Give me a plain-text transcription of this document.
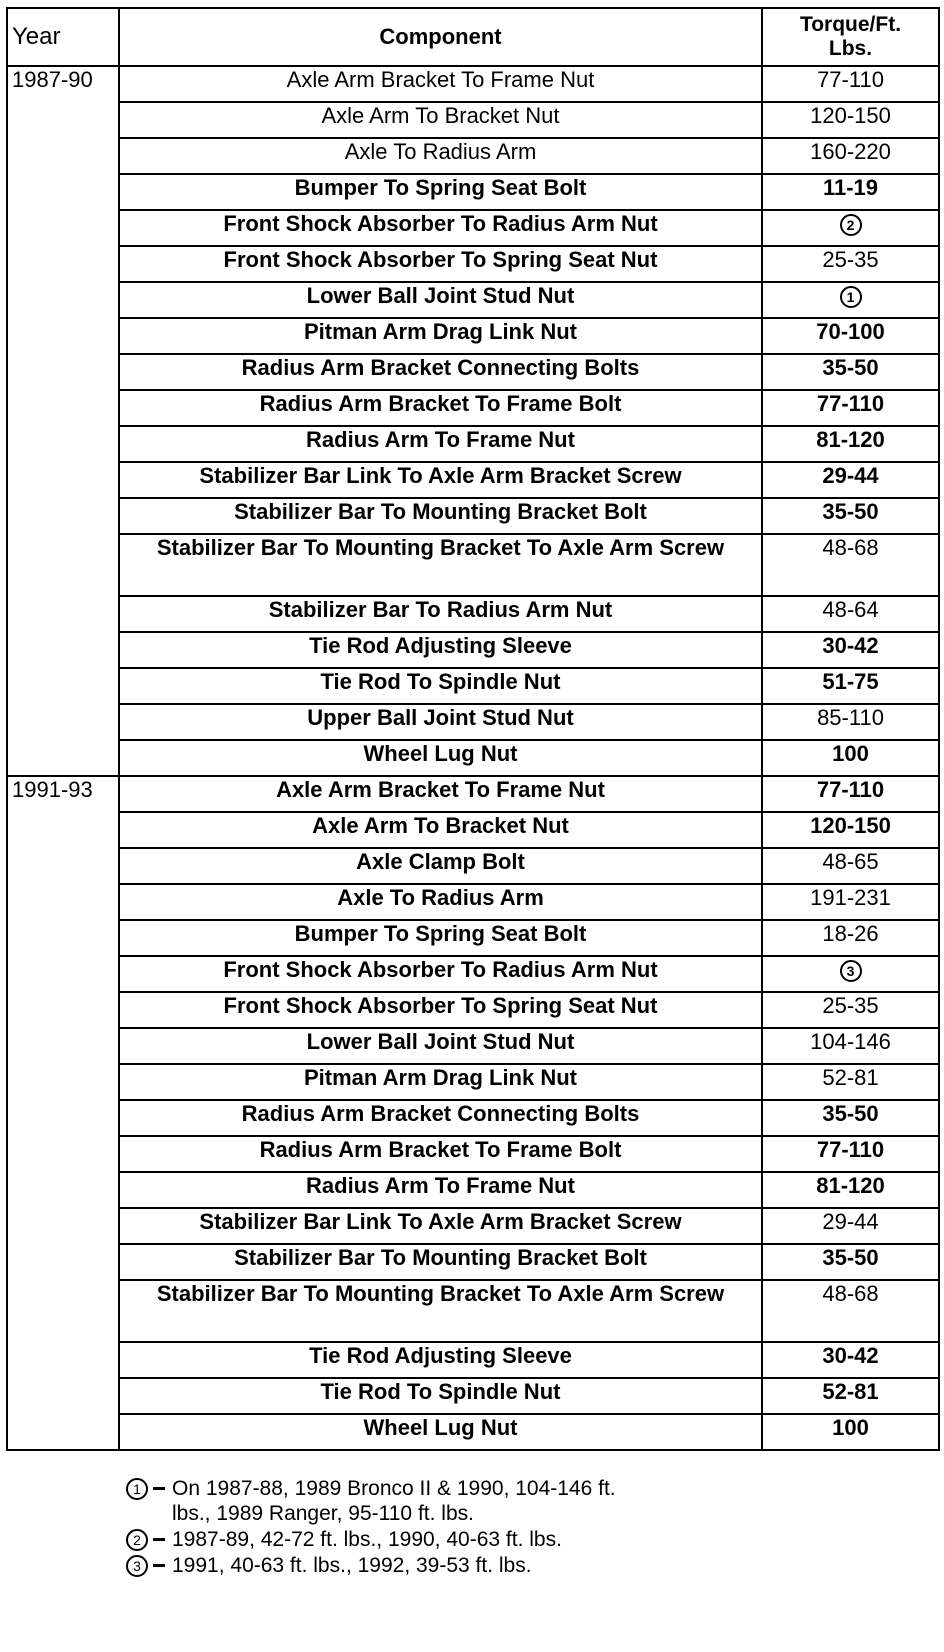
Year	Component	Torque/Ft.
Lbs.

1987-90	Axle Arm Bracket To Frame Nut	77-110
	Axle Arm To Bracket Nut	120-150
	Axle To Radius Arm	160-220
	Bumper To Spring Seat Bolt	11-19
	Front Shock Absorber To Radius Arm Nut	2
	Front Shock Absorber To Spring Seat Nut	25-35
	Lower Ball Joint Stud Nut	1
	Pitman Arm Drag Link Nut	70-100
	Radius Arm Bracket Connecting Bolts	35-50
	Radius Arm Bracket To Frame Bolt	77-110
	Radius Arm To Frame Nut	81-120
	Stabilizer Bar Link To Axle Arm Bracket Screw	29-44
	Stabilizer Bar To Mounting Bracket Bolt	35-50
	Stabilizer Bar To Mounting Bracket To Axle Arm Screw	48-68
	Stabilizer Bar To Radius Arm Nut	48-64
	Tie Rod Adjusting Sleeve	30-42
	Tie Rod To Spindle Nut	51-75
	Upper Ball Joint Stud Nut	85-110
	Wheel Lug Nut	100
1991-93	Axle Arm Bracket To Frame Nut	77-110
	Axle Arm To Bracket Nut	120-150
	Axle Clamp Bolt	48-65
	Axle To Radius Arm	191-231
	Bumper To Spring Seat Bolt	18-26
	Front Shock Absorber To Radius Arm Nut	3
	Front Shock Absorber To Spring Seat Nut	25-35
	Lower Ball Joint Stud Nut	104-146
	Pitman Arm Drag Link Nut	52-81
	Radius Arm Bracket Connecting Bolts	35-50
	Radius Arm Bracket To Frame Bolt	77-110
	Radius Arm To Frame Nut	81-120
	Stabilizer Bar Link To Axle Arm Bracket Screw	29-44
	Stabilizer Bar To Mounting Bracket Bolt	35-50
	Stabilizer Bar To Mounting Bracket To Axle Arm Screw	48-68
	Tie Rod Adjusting Sleeve	30-42
	Tie Rod To Spindle Nut	52-81
	Wheel Lug Nut	100
1	On 1987-88, 1989 Bronco II & 1990, 104-146 ft. lbs., 1989 Ranger, 95-110 ft. lbs.
2	1987-89, 42-72 ft. lbs., 1990, 40-63 ft. lbs.
3	1991, 40-63 ft. lbs., 1992, 39-53 ft. lbs.
